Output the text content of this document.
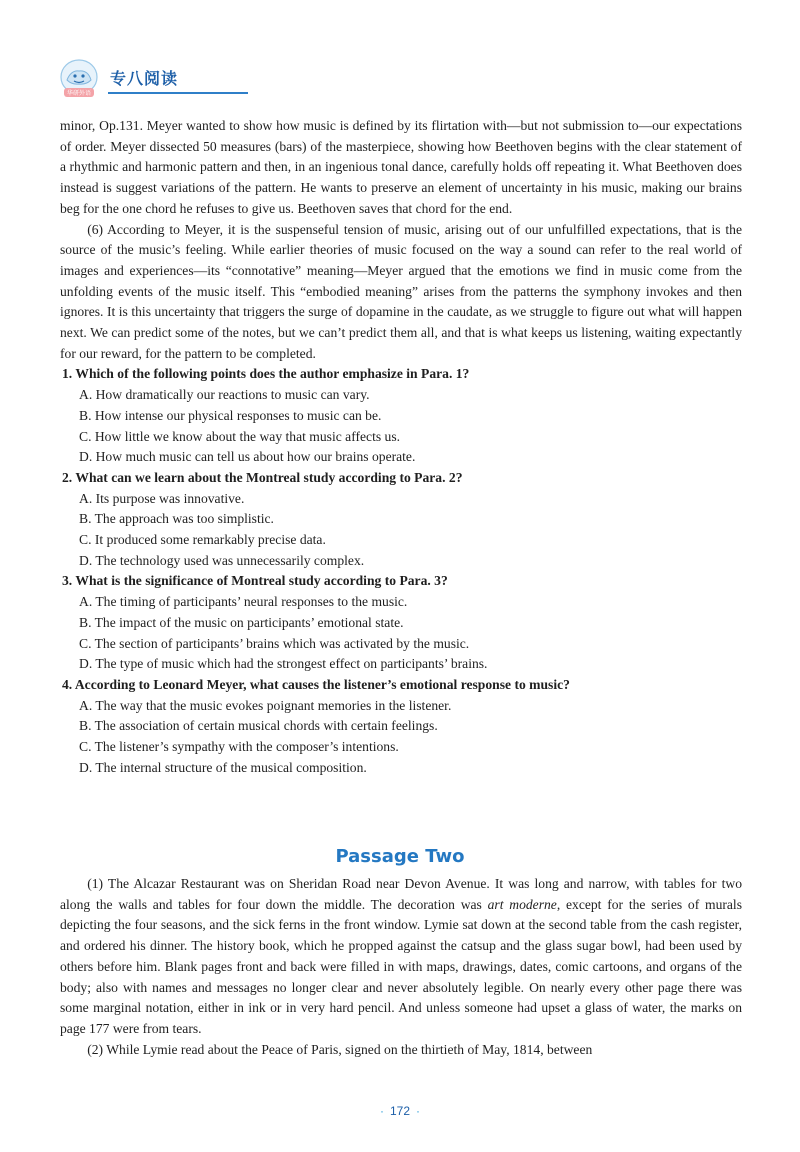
华研外语
专八阅读

minor, Op.131. Meyer wanted to show how music is defined by its flirtation with—but not submission to—our expectations of order. Meyer dissected 50 measures (bars) of the masterpiece, showing how Beethoven begins with the clear statement of a rhythmic and harmonic pattern and then, in an ingenious tonal dance, carefully holds off repeating it. What Beethoven does instead is suggest variations of the pattern. He wants to preserve an element of uncertainty in his music, making our brains beg for the one chord he refuses to give us. Beethoven saves that chord for the end.

(6) According to Meyer, it is the suspenseful tension of music, arising out of our unfulfilled expectations, that is the source of the music’s feeling. While earlier theories of music focused on the way a sound can refer to the real world of images and experiences—its “connotative” meaning—Meyer argued that the emotions we find in music come from the unfolding events of the music itself. This “embodied meaning” arises from the patterns the symphony invokes and then ignores. It is this uncertainty that triggers the surge of dopamine in the caudate, as we struggle to figure out what will happen next. We can predict some of the notes, but we can’t predict them all, and that is what keeps us listening, waiting expectantly for our reward, for the pattern to be completed.

1. Which of the following points does the author emphasize in Para. 1?

A. How dramatically our reactions to music can vary.

B. How intense our physical responses to music can be.

C. How little we know about the way that music affects us.

D. How much music can tell us about how our brains operate.

2. What can we learn about the Montreal study according to Para. 2?

A. Its purpose was innovative.

B. The approach was too simplistic.

C. It produced some remarkably precise data.

D. The technology used was unnecessarily complex.

3. What is the significance of Montreal study according to Para. 3?

A. The timing of participants’ neural responses to the music.

B. The impact of the music on participants’ emotional state.

C. The section of participants’ brains which was activated by the music.

D. The type of music which had the strongest effect on participants’ brains.

4. According to Leonard Meyer, what causes the listener’s emotional response to music?

A. The way that the music evokes poignant memories in the listener.

B. The association of certain musical chords with certain feelings.

C. The listener’s sympathy with the composer’s intentions.

D. The internal structure of the musical composition.

Passage Two

(1) The Alcazar Restaurant was on Sheridan Road near Devon Avenue. It was long and narrow, with tables for two along the walls and tables for four down the middle. The decoration was art moderne, except for the series of murals depicting the four seasons, and the sick ferns in the front window. Lymie sat down at the second table from the cash register, and ordered his dinner. The history book, which he propped against the catsup and the glass sugar bowl, had been used by others before him. Blank pages front and back were filled in with maps, drawings, dates, comic cartoons, and organs of the body; also with names and messages no longer clear and never absolutely legible. On nearly every other page there was some marginal notation, either in ink or in very hard pencil. And unless someone had upset a glass of water, the marks on page 177 were from tears.

(2) While Lymie read about the Peace of Paris, signed on the thirtieth of May, 1814, between

· 172 ·
